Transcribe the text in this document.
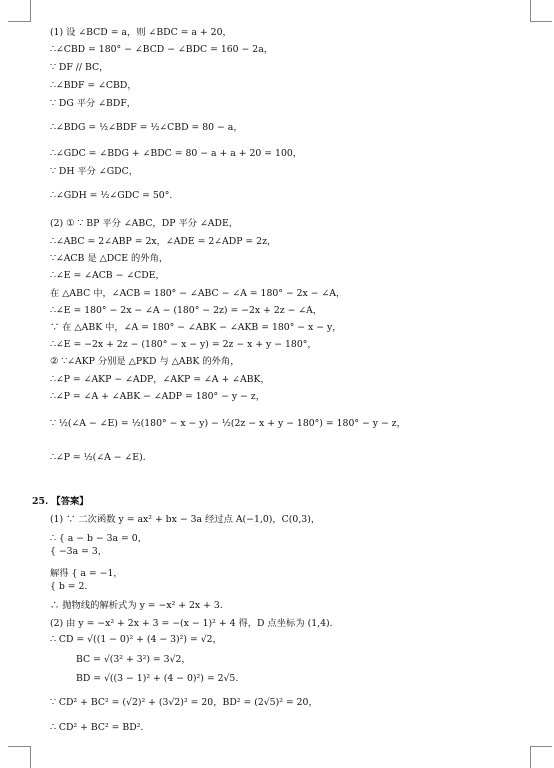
(1) 设 ∠BCD = a，则 ∠BDC = a + 20，
∴∠CBD = 180° − ∠BCD − ∠BDC = 160 − 2a，
∵ DF // BC，
∴∠BDF = ∠CBD，
∵ DG 平分 ∠BDF，
∴∠BDG = ½∠BDF = ½∠CBD = 80 − a，
∴∠GDC = ∠BDG + ∠BDC = 80 − a + a + 20 = 100，
∵ DH 平分 ∠GDC，
∴∠GDH = ½∠GDC = 50°.
(2) ① ∵ BP 平分 ∠ABC，DP 平分 ∠ADE，
∴∠ABC = 2∠ABP = 2x，∠ADE = 2∠ADP = 2z，
∵∠ACB 是 △DCE 的外角，
∴∠E = ∠ACB − ∠CDE，
在 △ABC 中，∠ACB = 180° − ∠ABC − ∠A = 180° − 2x − ∠A，
∴∠E = 180° − 2x − ∠A − (180° − 2z) = −2x + 2z − ∠A，
∵ 在 △ABK 中，∠A = 180° − ∠ABK − ∠AKB = 180° − x − y，
∴∠E = −2x + 2z − (180° − x − y) = 2z − x + y − 180°，
② ∵∠AKP 分别是 △PKD 与 △ABK 的外角，
∴∠P = ∠AKP − ∠ADP，∠AKP = ∠A + ∠ABK，
∴∠P = ∠A + ∠ABK − ∠ADP = 180° − y − z，
∵ ½(∠A − ∠E) = ½(180° − x − y) − ½(2z − x + y − 180°) = 180° − y − z，
∴∠P = ½(∠A − ∠E).
25. 【答案】
(1) ∵ 二次函数 y = ax² + bx − 3a 经过点 A(−1,0)，C(0,3)，
∴ { a − b − 3a = 0，
{ −3a = 3，
解得 { a = −1，
{ b = 2.
∴ 抛物线的解析式为 y = −x² + 2x + 3.
(2) 由 y = −x² + 2x + 3 = −(x − 1)² + 4 得，D 点坐标为 (1,4).
∴ CD = √((1 − 0)² + (4 − 3)²) = √2，
BC = √(3² + 3²) = 3√2，
BD = √((3 − 1)² + (4 − 0)²) = 2√5.
∵ CD² + BC² = (√2)² + (3√2)² = 20，BD² = (2√5)² = 20，
∴ CD² + BC² = BD².
